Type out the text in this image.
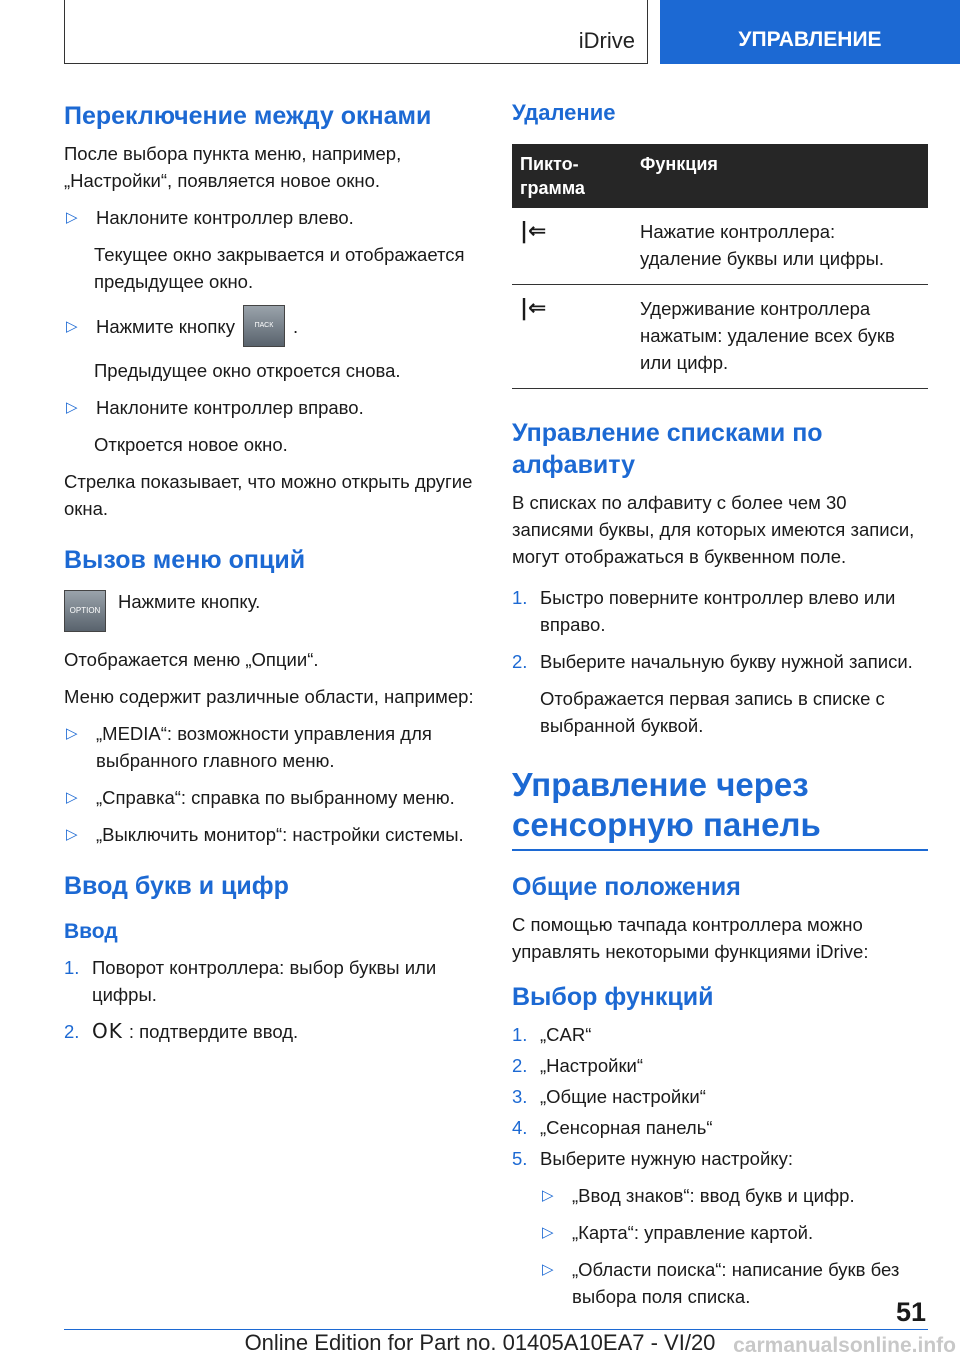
iDrive	УПРАВЛЕНИЕ
Переключение между окнами

После выбора пункта меню, например, „Настройки“, появляется новое окно.

▷ Наклоните контроллер влево.

Текущее окно закрывается и отображается предыдущее окно.

▷ Нажмите кнопку	ПАСК	.

Предыдущее окно откроется снова.

▷ Наклоните контроллер вправо.

Откроется новое окно.

Стрелка показывает, что можно открыть другие окна.

Вызов меню опций
OPTION Нажмите кнопку.

Отображается меню „Опции“.

Меню содержит различные области, например:

▷ „MEDIA“: возможности управления для выбранного главного меню.
▷ „Справка“: справка по выбранному меню.
▷ „Выключить монитор“: настройки системы.
Ввод букв и цифр
Ввод
1. Поворот контроллера: выбор буквы или цифры.
2. OK : подтвердите ввод.
Удаление
Пикто-грамма	Функция
|⇐	Нажатие контроллера: удаление буквы или цифры.
|⇐	Удерживание контроллера нажатым: удаление всех букв или цифр.
Управление списками по алфавиту

В списках по алфавиту с более чем 30 записями буквы, для которых имеются записи, могут отображаться в буквенном поле.

1. Быстро поверните контроллер влево или вправо.
2. Выберите начальную букву нужной записи.

Отображается первая запись в списке с выбранной буквой.

Управление через сенсорную панель
Общие положения

С помощью тачпада контроллера можно управлять некоторыми функциями iDrive:

Выбор функций
1. „CAR“
2. „Настройки“
3. „Общие настройки“
4. „Сенсорная панель“
5. Выберите нужную настройку:
▷ „Ввод знаков“: ввод букв и цифр.
▷ „Карта“: управление картой.
▷ „Области поиска“: написание букв без выбора поля списка.
51
Online Edition for Part no. 01405A10EA7 - VI/20 carmanualsonline.info
